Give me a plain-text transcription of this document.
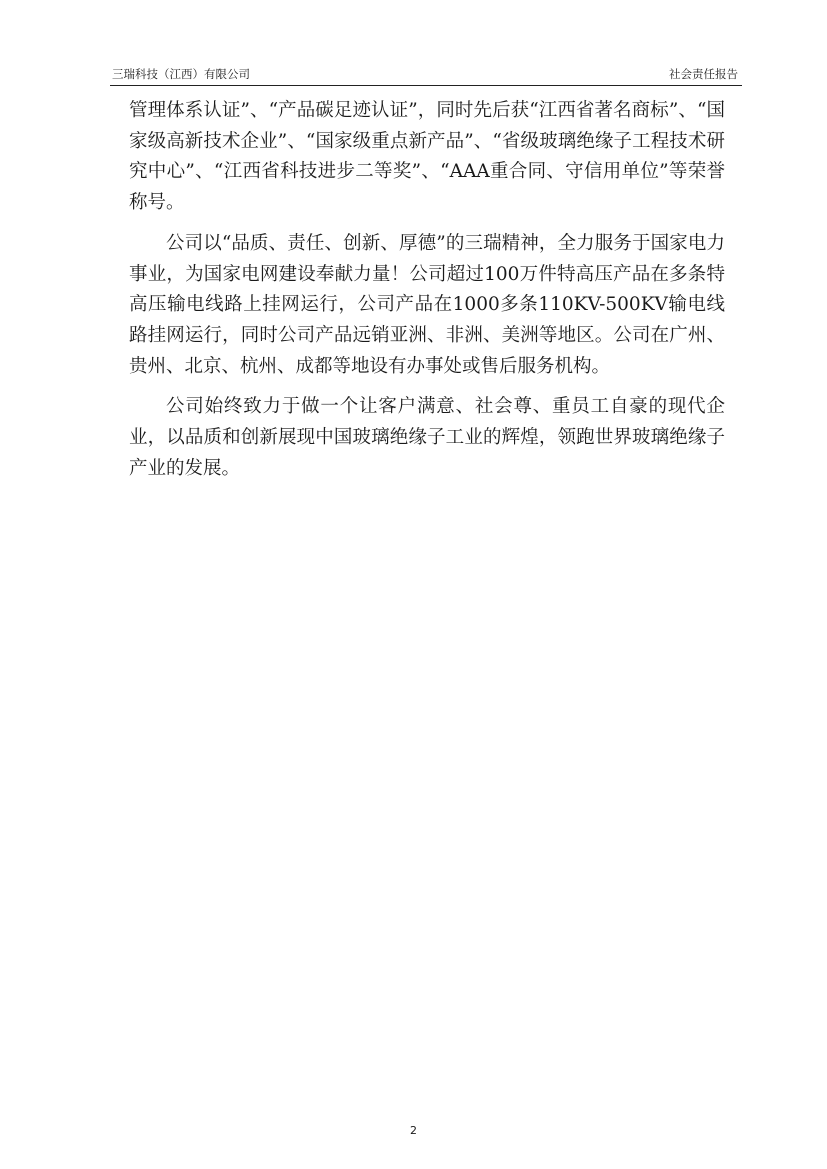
三瑞科技（江西）有限公司	社会责任报告

管理体系认证”、“产品碳足迹认证”，同时先后获“江西省著名商标”、“国家级高新技术企业”、“国家级重点新产品”、“省级玻璃绝缘子工程技术研究中心”、“江西省科技进步二等奖”、“AAA重合同、守信用单位”等荣誉称号。

公司以“品质、责任、创新、厚德”的三瑞精神，全力服务于国家电力事业，为国家电网建设奉献力量！公司超过100万件特高压产品在多条特高压输电线路上挂网运行，公司产品在1000多条110KV-500KV输电线路挂网运行，同时公司产品远销亚洲、非洲、美洲等地区。公司在广州、贵州、北京、杭州、成都等地设有办事处或售后服务机构。

公司始终致力于做一个让客户满意、社会尊、重员工自豪的现代企业，以品质和创新展现中国玻璃绝缘子工业的辉煌，领跑世界玻璃绝缘子产业的发展。

2
